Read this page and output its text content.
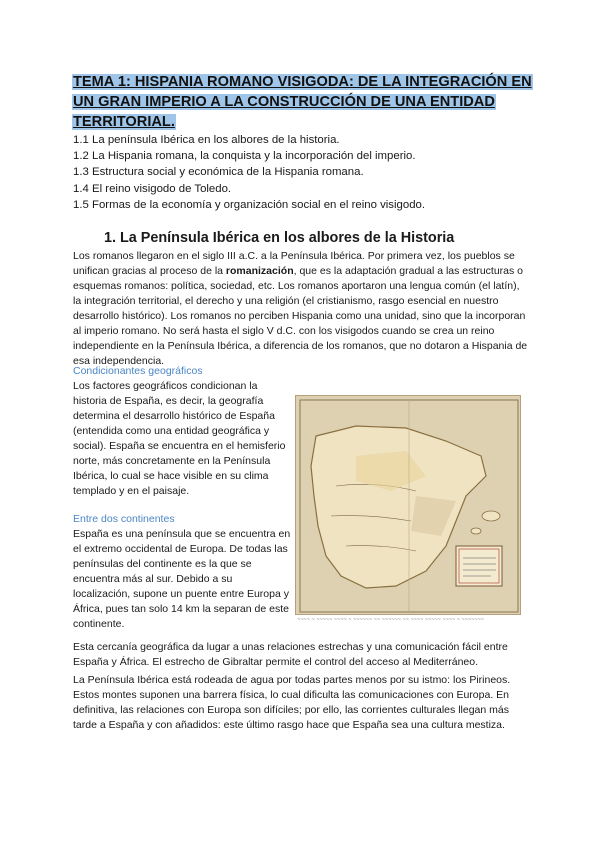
TEMA 1: HISPANIA ROMANO VISIGODA: DE LA INTEGRACIÓN EN UN GRAN IMPERIO A LA CONSTRUCCIÓN DE UNA ENTIDAD TERRITORIAL.
1.1 La península Ibérica en los albores de la historia.
1.2 La Hispania romana, la conquista y la incorporación del imperio.
1.3 Estructura social y económica de la Hispania romana.
1.4 El reino visigodo de Toledo.
1.5 Formas de la economía y organización social en el reino visigodo.
1. La Península Ibérica en los albores de la Historia

Los romanos llegaron en el siglo III a.C. a la Península Ibérica. Por primera vez, los pueblos se unifican gracias al proceso de la romanización, que es la adaptación gradual a las estructuras o esquemas romanos: política, sociedad, etc. Los romanos aportaron una lengua común (el latín), la integración territorial, el derecho y una religión (el cristianismo, rasgo esencial en nuestro desarrollo histórico). Los romanos no perciben Hispania como una unidad, sino que la incorporan al imperio romano. No será hasta el siglo V d.C. con los visigodos cuando se crea un reino independiente en la Península Ibérica, a diferencia de los romanos, que no dotaron a Hispania de esa independencia.

Condicionantes geográficos

Los factores geográficos condicionan la historia de España, es decir, la geografía determina el desarrollo histórico de España (entendida como una entidad geográfica y social). España se encuentra en el hemisferio norte, más concretamente en la Península Ibérica, lo cual se hace visible en su clima templado y en el paisaje.

Entre dos continentes

España es una península que se encuentra en el extremo occidental de Europa. De todas las penínsulas del continente es la que se encuentra más al sur. Debido a su localización, supone un puente entre Europa y África, pues tan solo 14 km la separan de este continente.

Esta cercanía geográfica da lugar a unas relaciones estrechas y una comunicación fácil entre España y África. El estrecho de Gibraltar permite el control del acceso al Mediterráneo.

La Península Ibérica está rodeada de agua por todas partes menos por su istmo: los Pirineos. Estos montes suponen una barrera física, lo cual dificulta las comunicaciones con Europa. En definitiva, las relaciones con Europa son difíciles; por ello, las corrientes culturales llegan más tarde a España y con añadidos: este último rasgo hace que España sea una cultura mestiza.

~~~~ ~ ~~~~~ ~~~~ ~ ~~~~~~ ~~ ~~~~~~ ~~ ~~~~ ~~~~~ ~~~~ ~ ~~~~~~~
